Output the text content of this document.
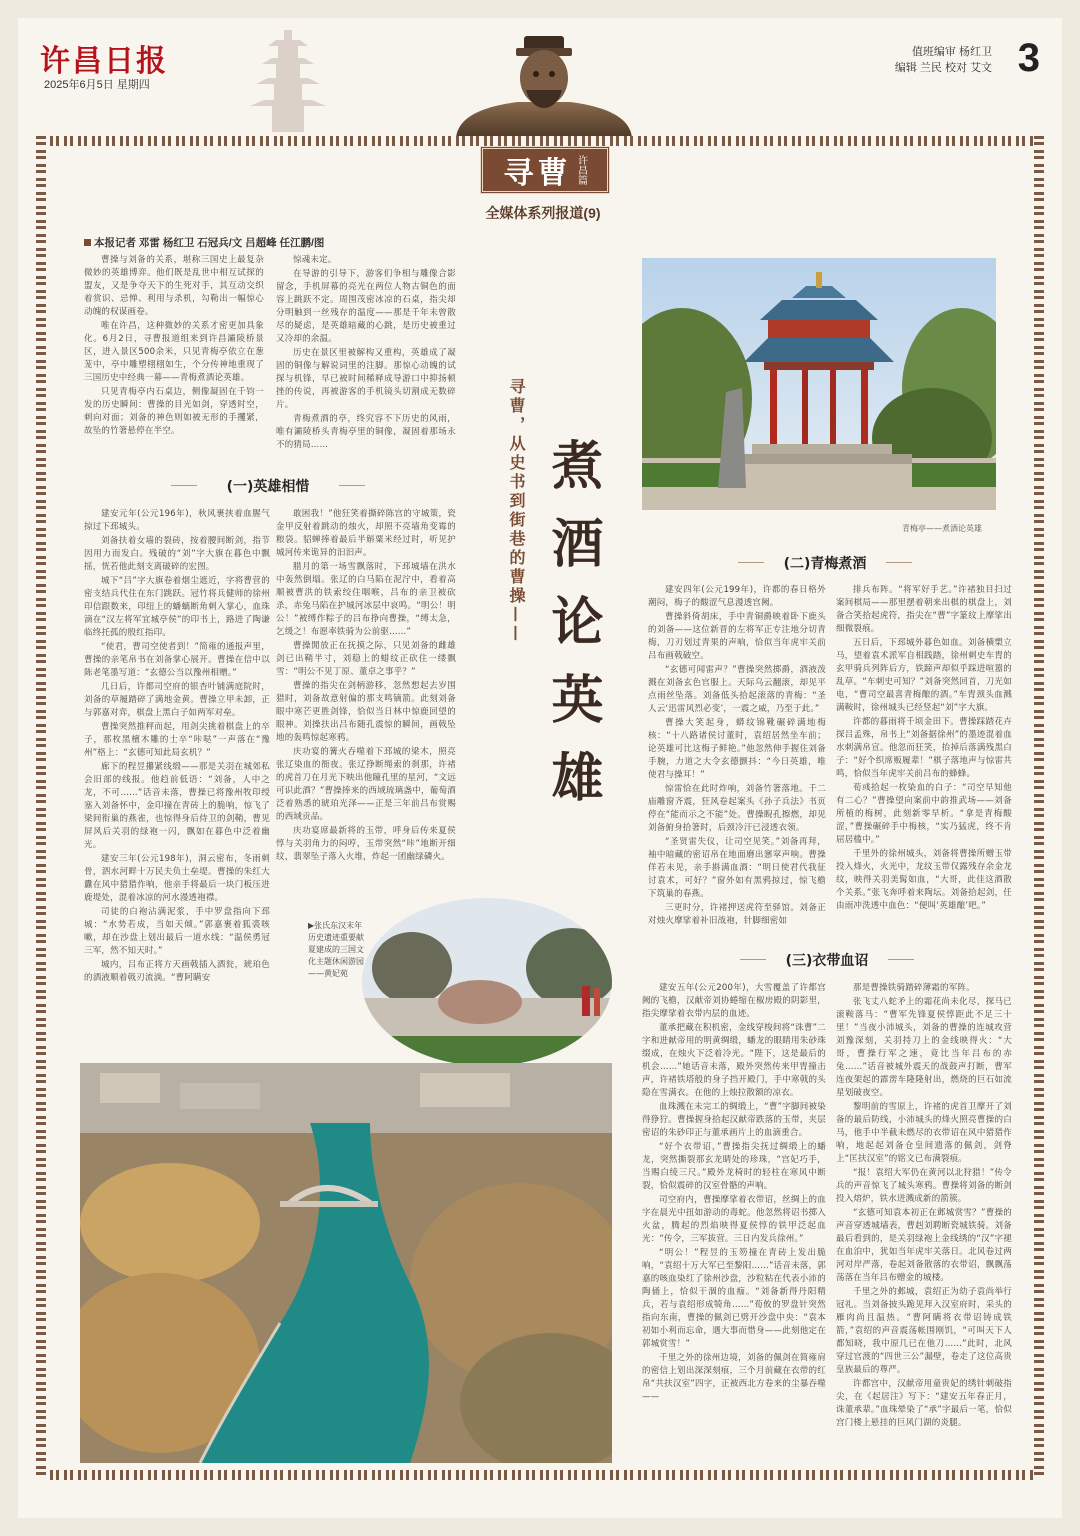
许昌日报
2025年6月5日 星期四
值班编审 杨红卫
编辑 兰民 校对 艾文 3
寻曹 许昌篇
全媒体系列报道(9)
本报记者 邓雷 杨红卫 石冠兵/文 吕超峰 任江鹏/图

曹操与刘备的关系，堪称三国史上最复杂微妙的英雄博弈。他们既是乱世中相互试探的盟友，又是争夺天下的生死对手，其互动交织着赏识、忌惮、利用与杀机，勾勒出一幅惊心动魄的权谋画卷。

唯在许昌，这种微妙的关系才密更加具象化。6月2日，寻曹报道组来到许昌灞陵桥景区，进入景区500余米，只见青梅亭依立在葱茏中，亭中雕塑栩栩如生，个分传神地重现了三国历史中经典一幕——青梅煮酒论英雄。

只见青梅亭内石桌边，侧像凝固在千钧一发的历史瞬间：曹操的目光如剑，穿透时空，刺向对面；刘备的神色则如被无形的手攫紧，故坠的竹箸悬停在半空。

惊魂未定。

在导游的引导下，游客们争相与雕像合影留念，手机屏幕的亮光在两位人物古铜色的面容上跳跃不定。周围茂密冰凉的石桌，指尖却分明触到一丝残存的温度——那是千年未曾散尽的疑虑，是英雄暗藏的心跳，是历史被重过又冷却的余温。

历史在景区里被解构又重构，英雄成了凝固的铜像与解说词里的注脚。那惊心动魄的试探与机锋，早已被时间稀释成导游口中抑扬顿挫的传说，再被游客的手机镜头切割成无数碎片。

青梅煮酒的亭，终究容不下历史的风雨，唯有灞陵桥头青梅亭里的铜像，凝固着那场永不的猜局……	寻曹，从史书到街巷的曹操—— 煮酒论英雄
(一)英雄相惜

建安元年(公元196年)，秋风裹挟着血腥气掠过下邳城头。

刘备扶着女墙的裂砖，按着腰间断剑，指节因用力而发白。残破的“刘”字大旗在暮色中飘摇，恍若他此刻支离破碎的宏图。

城下“吕”字大旗卷着烟尘遮近，字将曹营的密支结兵代住在东门跳跃。冠竹将兵健师的徐州印信跟数来，印纽上的蟠螭断角刺入掌心，血珠滴在“汉左将军宜城亭侯”的印书上，路进了陶谦临终托孤的殷红指印。

“使君，曹司空使者到！”简雍的通报声里，曹操的亲笔帛书在刘备掌心展开。曹操在信中以陈老笔墨写道：“玄德公当以豫州相赠。”

几日后，许都司空府的银杏叶铺满庭院时，刘备的草履踏碎了满地金黄。曹操立甲未卸，正与郭嘉对弈，棋盘上黑白子如两军对垒。

曹操突然推秤而起，用剑尖挑着棋盘上的卒子，那枚黑檀木雕的士卒“咔哒”一声落在“豫州”格上：“玄德可知此局玄机？”

廊下的程昱攥紧线缎——那是关羽在城郊私会旧部的线报。他趋前低语：“刘备，人中之龙，不可……”话音未落，曹操已将豫州牧印绶塞入刘备怀中，金印撞在青砖上的脆响，惊飞了梁间衔巢的燕雀，也惊得身后侍卫的剑鞘，曹见屏风后关羽的绿袍一闪，飘如在暮色中泛着幽光。

建安三年(公元198年)，洞云密布，冬雨刺骨，泗水河畔十万民夫负土垒堤。曹操的朱红大纛在风中猎猎作响，他亲手将最后一块门板压进鹿堤处，混着冰凉的河水漫透袍襟。

司徒的白袍沾满泥浆，手中罗盘指向下邳城：“水势若成，当如天倾。”郭嘉裹着狐裘咳嗽，却在沙盘上划出最后一道水线：“温侯勇冠三军，然不知天时。”

城内，吕布正将方天画戟插入酒瓮，琥珀色的酒液顺着戟刃流淌。“曹阿瞒安

敢困我！”他狂笑着撕碎陈宫的守城策，瓷金甲反射着跳动的烛火，却照不亮墙角变霉的粮袋。貂蝉捧着最后半斛粟米经过时，听见护城河传来诡异的汩汩声。

腊月的第一场雪飘落时，下邳城墙在洪水中轰然倒塌。张辽的白马陷在泥泞中，看着高顺被曹洪的铁索绞住咽喉，吕布的亲卫被砍杀，赤兔马陷在护城河冰层中哀鸣。“明公！明公！”被缚作粽子的吕布挣向曹操，“缚太急，乞缓之！布愿率铁骑为公前驱……”

曹操閒放正在抚摸之际，只见刘备的雌雄剑已出鞘半寸，刘稳上的蜡纹正砍住一缕飘雪：“明公不见丁原、董卓之事乎？”

曹操的指尖在剑柄游移，忽然想起去岁围猎时，刘备故意射偏的那支鸣镝箭。此刻刘备眼中寒芒更胜剑锋，恰似当日林中惊鹿回望的眼神。刘操扶出吕布随孔震惊的瞬间，画戟坠地的轰鸣惊起寒鸦。

庆功宴的篝火吞噬着下邳城的梁木，照亮张辽染血的衙夜。张辽挣断绳索的刹那，许褚的虎首刀在月光下映出他瞳孔里的星河，“文远可识此酒？”曹操捧来的西域琉璃盏中，葡萄酒泛着熟悉的琥珀光泽——正是三年前吕布赏赐的西域贡品。

庆功宴席最新将的玉带，呼身后传来夏侯惇与关羽角力的闷哼，玉带突然“咔”地断开细纹，翡翠坠子落入火堆，炸起一团幽绿磷火。

青梅亭——煮酒论英雄
(二)青梅煮酒

建安四年(公元199年)，许都的春日格外潮闷，梅子的酸涩气息漫透宫阙。

曹操斜倚胡床，手中青铜爵映着卧下鹿头的刘备——这位新晋的左将军正专注地分切青梅，刀刃划过青果的声响，恰似当年虎牢关前吕布画戟破空。

“玄德可闻雷声？”曹操突然掷爵，酒液泼溅在刘备玄色官服上。天际乌云翻滚，却见平点雨丝坠落。刘备低头拾起滚落的青梅：“圣人云‘迅雷风烈必变’，一震之威，乃至于此。”

曹操大笑起身，蟒纹锦靴碾碎满地梅核：“十八路诸侯讨董时，袁绍居然坐车前；论英雄可比这梅子鲜艳。”他忽然伸手握住刘备手腕，力道之大令玄德颤抖：“今日英雄，唯使君与操耳！”

惊雷恰在此时炸响，刘备竹箸落地。千二庙雕窗齐震，狂风卷起案头《孙子兵法》书页停在“能而示之不能”处。曹操睨孔擦燃，却见刘备俯身拾箸时，后颈冷汗已浸透衣领。

“圣贤雷失仪，让司空见笑。”刘备再拜，袖中暗藏的密诏帛在地面磨出窸窣声响。曹操佯若未见，亲手斟满血酒：“明日使君代我征讨袁术，可好？”窗外如有黑鸦掠过，惊飞檐下筑巢的春燕。

三更时分，许褚押送虎符至驿馆。刘备正对烛火摩挲着补旧战袍，针脚细密如

排兵布阵。“将军好手艺。”许褚独目扫过案间棋局——那里摆着朝来出棋的棋盘上，刘备合笑拾起虎符，指尖在“曹”字篆纹上摩挲出细微裂痕。

五日后，下邳城外暮色如血。刘备横槊立马，望着袁术派军自相践踏，徐州刺史车胄的玄甲骑兵列阵后方，铁蹄声却似乎踩进喧嚣的乱草。“车刺史可知？”刘备突然回首，刀光如电，“曹司空最喜青梅酿的酒。”车胄颈头血溅满鞍时，徐州城头已经竖起“刘”字大旗。

许都的暮雨将千顷金田下。曹操踩踏花卉探吕孟殊，帛书上“刘备据徐州”的墨迹混着血水刺满帛宣。他忽而狂笑，抬掉后落满残黑白子：“好个织席贩履辈！”棋子落地声与惊雷共鸣，恰似当年虎牢关前吕布的蜂蜂。

荀彧拾起一枚染血的白子：“司空早知他有二心？”曹操望向案前中韵推武场——刘备所植的梅树，此刻新零早析。“拿是青梅酸涩，”曹操碾碎手中梅核，“实乃猛虎，终不肯屈居槛中。”

千里外的徐州城头，刘备将曹操所赠玉带投入烽火，火光中，龙纹玉带仅露残存余金龙纹，映得关羽美髯如血，“大哥，此佳这酒散个关系。”张飞奔呼着来陶坛。刘备拾起剑，任由雨冲洗透中血色：“便叫‘英雄酿’吧。”

▶张氏东汉末年历史遗迹重要献夏建成的三国文化主题休闲游园——黄妃苑
(三)衣带血诏

建安五年(公元200年)，大雪覆盖了许都宫阙的飞檐，汉献帝刘协蜷缩在椒房殿的阴影里，指尖摩挲着衣带内层的血迹。

董承把藏在积机密，金线穿梭间将“诛曹”二字和进献帝用的明黄绸缎，蟠龙的眼睛用朱砂珠缀成，在烛火下泛着冷光。“陛下，这是最后的机会……”她话音未落，殿外突然传来甲胄撞击声，许褚铁塔般的身子挡开殿门，手中寒戟的头隐在雪满衣。在他的上烛拉散额的凉衣。

血珠溅在未完工的绸缎上，“曹”字脚间被染得狰狞。曹操握身拾起汉献帝跌落的玉带，夹层密诏的朱砂印正与董承画片上的血滴重合。

“好个衣带诏，”曹操指尖抚过绸缎上的蟠龙，突然撕裂那玄龙睛处的珍珠，“宫妃巧手，当赐白绫三尺。”殿外龙椅时的轻柱在寒风中断裂，恰似震碎的汉室骨骼的声响。

司空府内，曹操摩挲着衣带诏，丝绸上的血字在晨光中扭如游动的毒蛇。他忽然将诏书掷入火盆，腾起的烈焰映得夏侯惇的铁甲泛起血光：“传令，三军拔营。三日内发兵徐州。”

“明公！”程昱的玉笏撞在青砖上发出脆响，“袁绍十万大军已至黎阳……”话音未落，郭嘉的咳血染红了徐州沙盘，沙粒粘在代表小沛的陶俑上，恰似干涸的血痂。“刘备新得丹阳精兵，若与袁绍形成犄角……”荀攸的罗盘针突然指向东南，曹操的佩剑已劈开沙盘中央：“袁本初如小利而忘命，遇大事而惜身——此刻他定在郭城赏雪！”

千里之外的徐州边境，刘备的佩剑在简雍肩的密信上划出深深刻痕，三个月前藏在衣带的红帛“共扶汉室”四字，正被西北方卷来的尘暴吞噬——

那是曹操铁骑踏碎薄霜的军阵。

张飞丈八蛇矛上的霜花尚未化尽，探马已滚鞍落马：“曹军先锋夏侯惇距此不足三十里！”当夜小沛城头，刘备的曹操的连城攻营刘豫深刻，关羽持刀上的金线映得火：“大哥，曹操行军之速，竟比当年吕布的赤兔……”话音被城外震天的战鼓声打断，曹军连夜架起的霹雳车隆隆射出，燃烧的巨石如流星划破夜空。

黎明前的雪原上，许褚的虎首卫摩开了刘备的最后防线，小沛城头的烽火照亮曹操的白马，他手中半截未燃尽的衣带诏在风中猎猎作响，地起起刘备仓皇间遗落的佩剑，剑脊上“匡扶汉室”的铭文已布满裂痕。

“报！袁绍大军仍在黄河以北狩猎！”传令兵的声音惊飞了城头寒鸦。曹操将刘备的断剑投入熔炉，铁水迸溅成新的箭簇。

“玄德可知袁本初正在邺城赏雪？”曹操的声音穿透城墙表，曹赳刘聘断瓷城铁骑。刘备最后看到的，是关羽绿袍上金线绣的“汉”字褪在血泊中，犹如当年虎牢关落日。北风卷过两河对岸严落，卷起刘备散落的衣带诏，飘飘荡荡落在当年吕布赠金的城楼。

千里之外的邺城，袁绍正为幼子袁尚举行冠礼。当刘备披头跪见拜入汉室府时，采头的雁肉尚且温热。“曹阿瞒将衣带诏铸成铁箭，”袁绍的声音震荡帐围刚饥，“可叫天下人都知晓，我中原几已在他刀……”此时，北风穿过官渡的“四世三公”漏壁，卷走了这位高贵皇族最后的尊严。

许都宫中，汉献帝用童贵妃的绣针刺破指尖，在《起居注》写下：“建安五年春正月，诛董承辈。”血珠晕染了“承”字最后一笔，恰似宫门楼上悬挂的巨风门湖的炎腿。
